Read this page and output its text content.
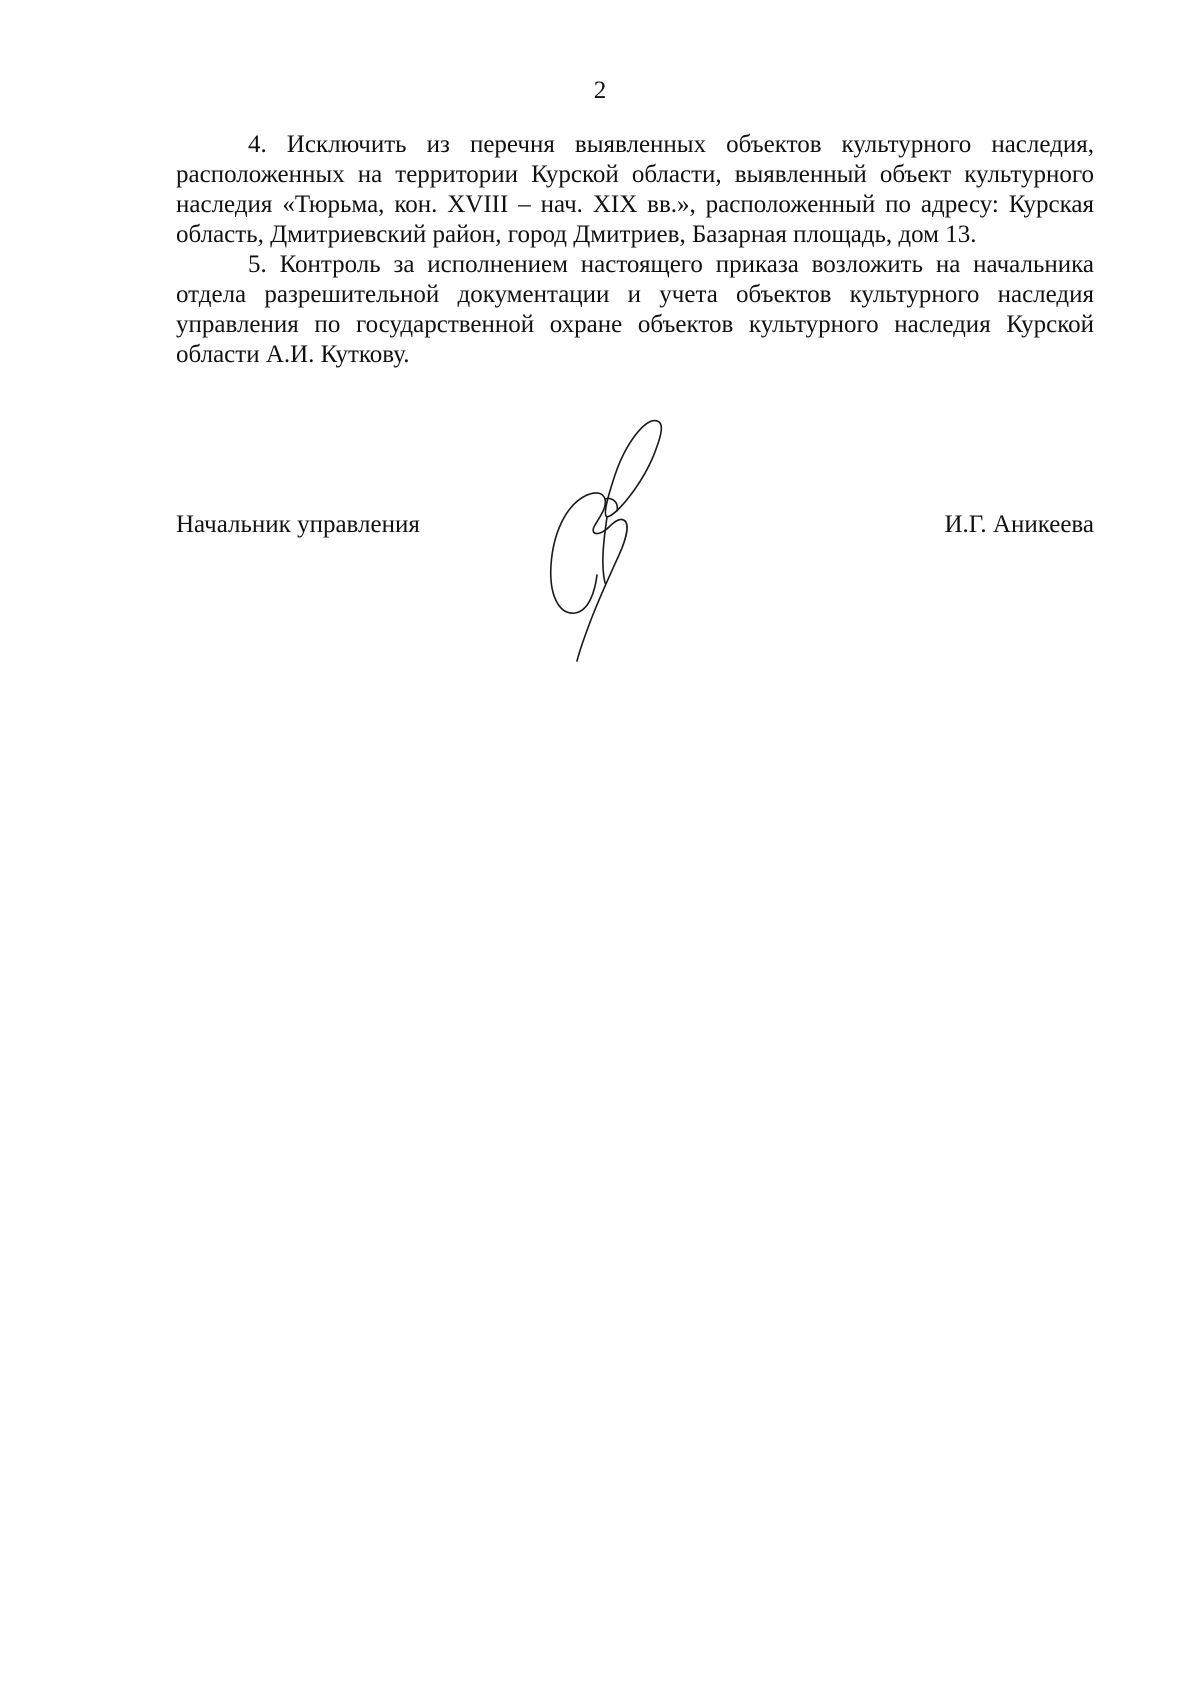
2

4. Исключить из перечня выявленных объектов культурного наследия, расположенных на территории Курской области, выявленный объект культурного наследия «Тюрьма, кон. XVIII – нач. XIX вв.», расположенный по адресу: Курская область, Дмитриевский район, город Дмитриев, Базарная площадь, дом 13.

5. Контроль за исполнением настоящего приказа возложить на начальника отдела разрешительной документации и учета объектов культурного наследия управления по государственной охране объектов культурного наследия Курской области А.И. Куткову.

Начальник управления	И.Г. Аникеева
